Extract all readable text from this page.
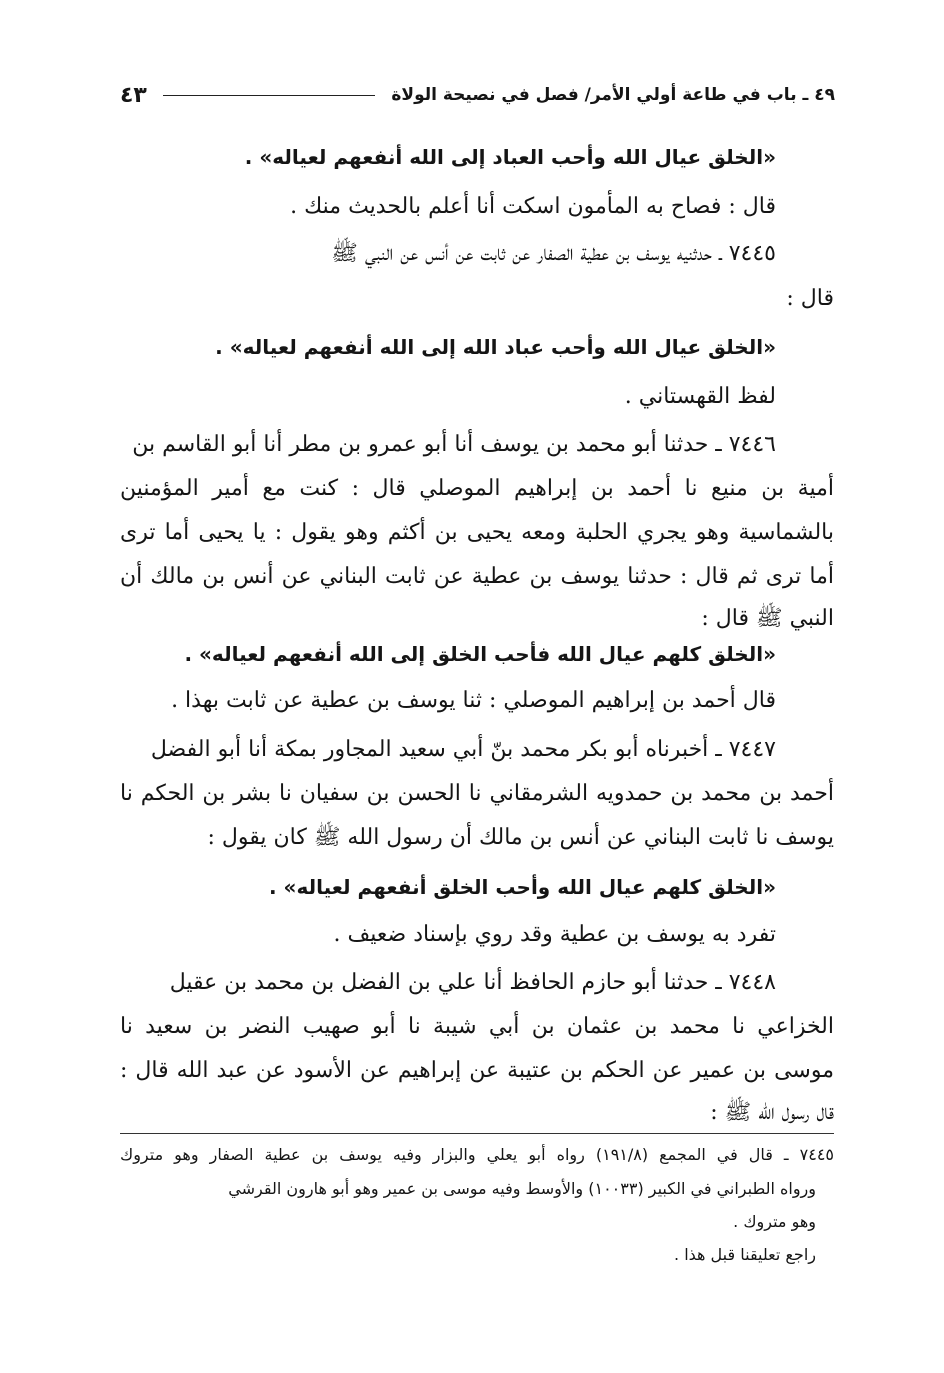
٤٩ ـ باب في طاعة أولي الأمر/ فصل في نصيحة الولاة
٤٣
«الخلق عيال الله وأحب العباد إلى الله أنفعهم لعياله» .
قال : فصاح به المأمون اسكت أنا أعلم بالحديث منك .
٧٤٤٥ ـ حدثنيه يوسف بن عطية الصفار عن ثابت عن أنس عن النبي ﷺ
قال :
«الخلق عيال الله وأحب عباد الله إلى الله أنفعهم لعياله» .
لفظ القهستاني .
٧٤٤٦ ـ حدثنا أبو محمد بن يوسف أنا أبو عمرو بن مطر أنا أبو القاسم بن
أمية بن منيع نا أحمد بن إبراهيم الموصلي قال : كنت مع أمير المؤمنين
بالشماسية وهو يجري الحلبة ومعه يحيى بن أكثم وهو يقول : يا يحيى أما ترى
أما ترى ثم قال : حدثنا يوسف بن عطية عن ثابت البناني عن أنس بن مالك أن
النبي ﷺ قال :
«الخلق كلهم عيال الله فأحب الخلق إلى الله أنفعهم لعياله» .
قال أحمد بن إبراهيم الموصلي : ثنا يوسف بن عطية عن ثابت بهذا .
٧٤٤٧ ـ أخبرناه أبو بكر محمد بنّ أبي سعيد المجاور بمكة أنا أبو الفضل
أحمد بن محمد بن حمدويه الشرمقاني نا الحسن بن سفيان نا بشر بن الحكم نا
يوسف نا ثابت البناني عن أنس بن مالك أن رسول الله ﷺ كان يقول :
«الخلق كلهم عيال الله وأحب الخلق أنفعهم لعياله» .
تفرد به يوسف بن عطية وقد روي بإسناد ضعيف .
٧٤٤٨ ـ حدثنا أبو حازم الحافظ أنا علي بن الفضل بن محمد بن عقيل
الخزاعي نا محمد بن عثمان بن أبي شيبة نا أبو صهيب النضر بن سعيد نا
موسى بن عمير عن الحكم بن عتيبة عن إبراهيم عن الأسود عن عبد الله قال :
قال رسول الله ﷺ :
٧٤٤٥ ـ قال في المجمع (١٩١/٨) رواه أبو يعلي والبزار وفيه يوسف بن عطية الصفار وهو متروك
ورواه الطبراني في الكبير (١٠٠٣٣) والأوسط وفيه موسى بن عمير وهو أبو هارون القرشي
وهو متروك .
راجع تعليقنا قبل هذا .
